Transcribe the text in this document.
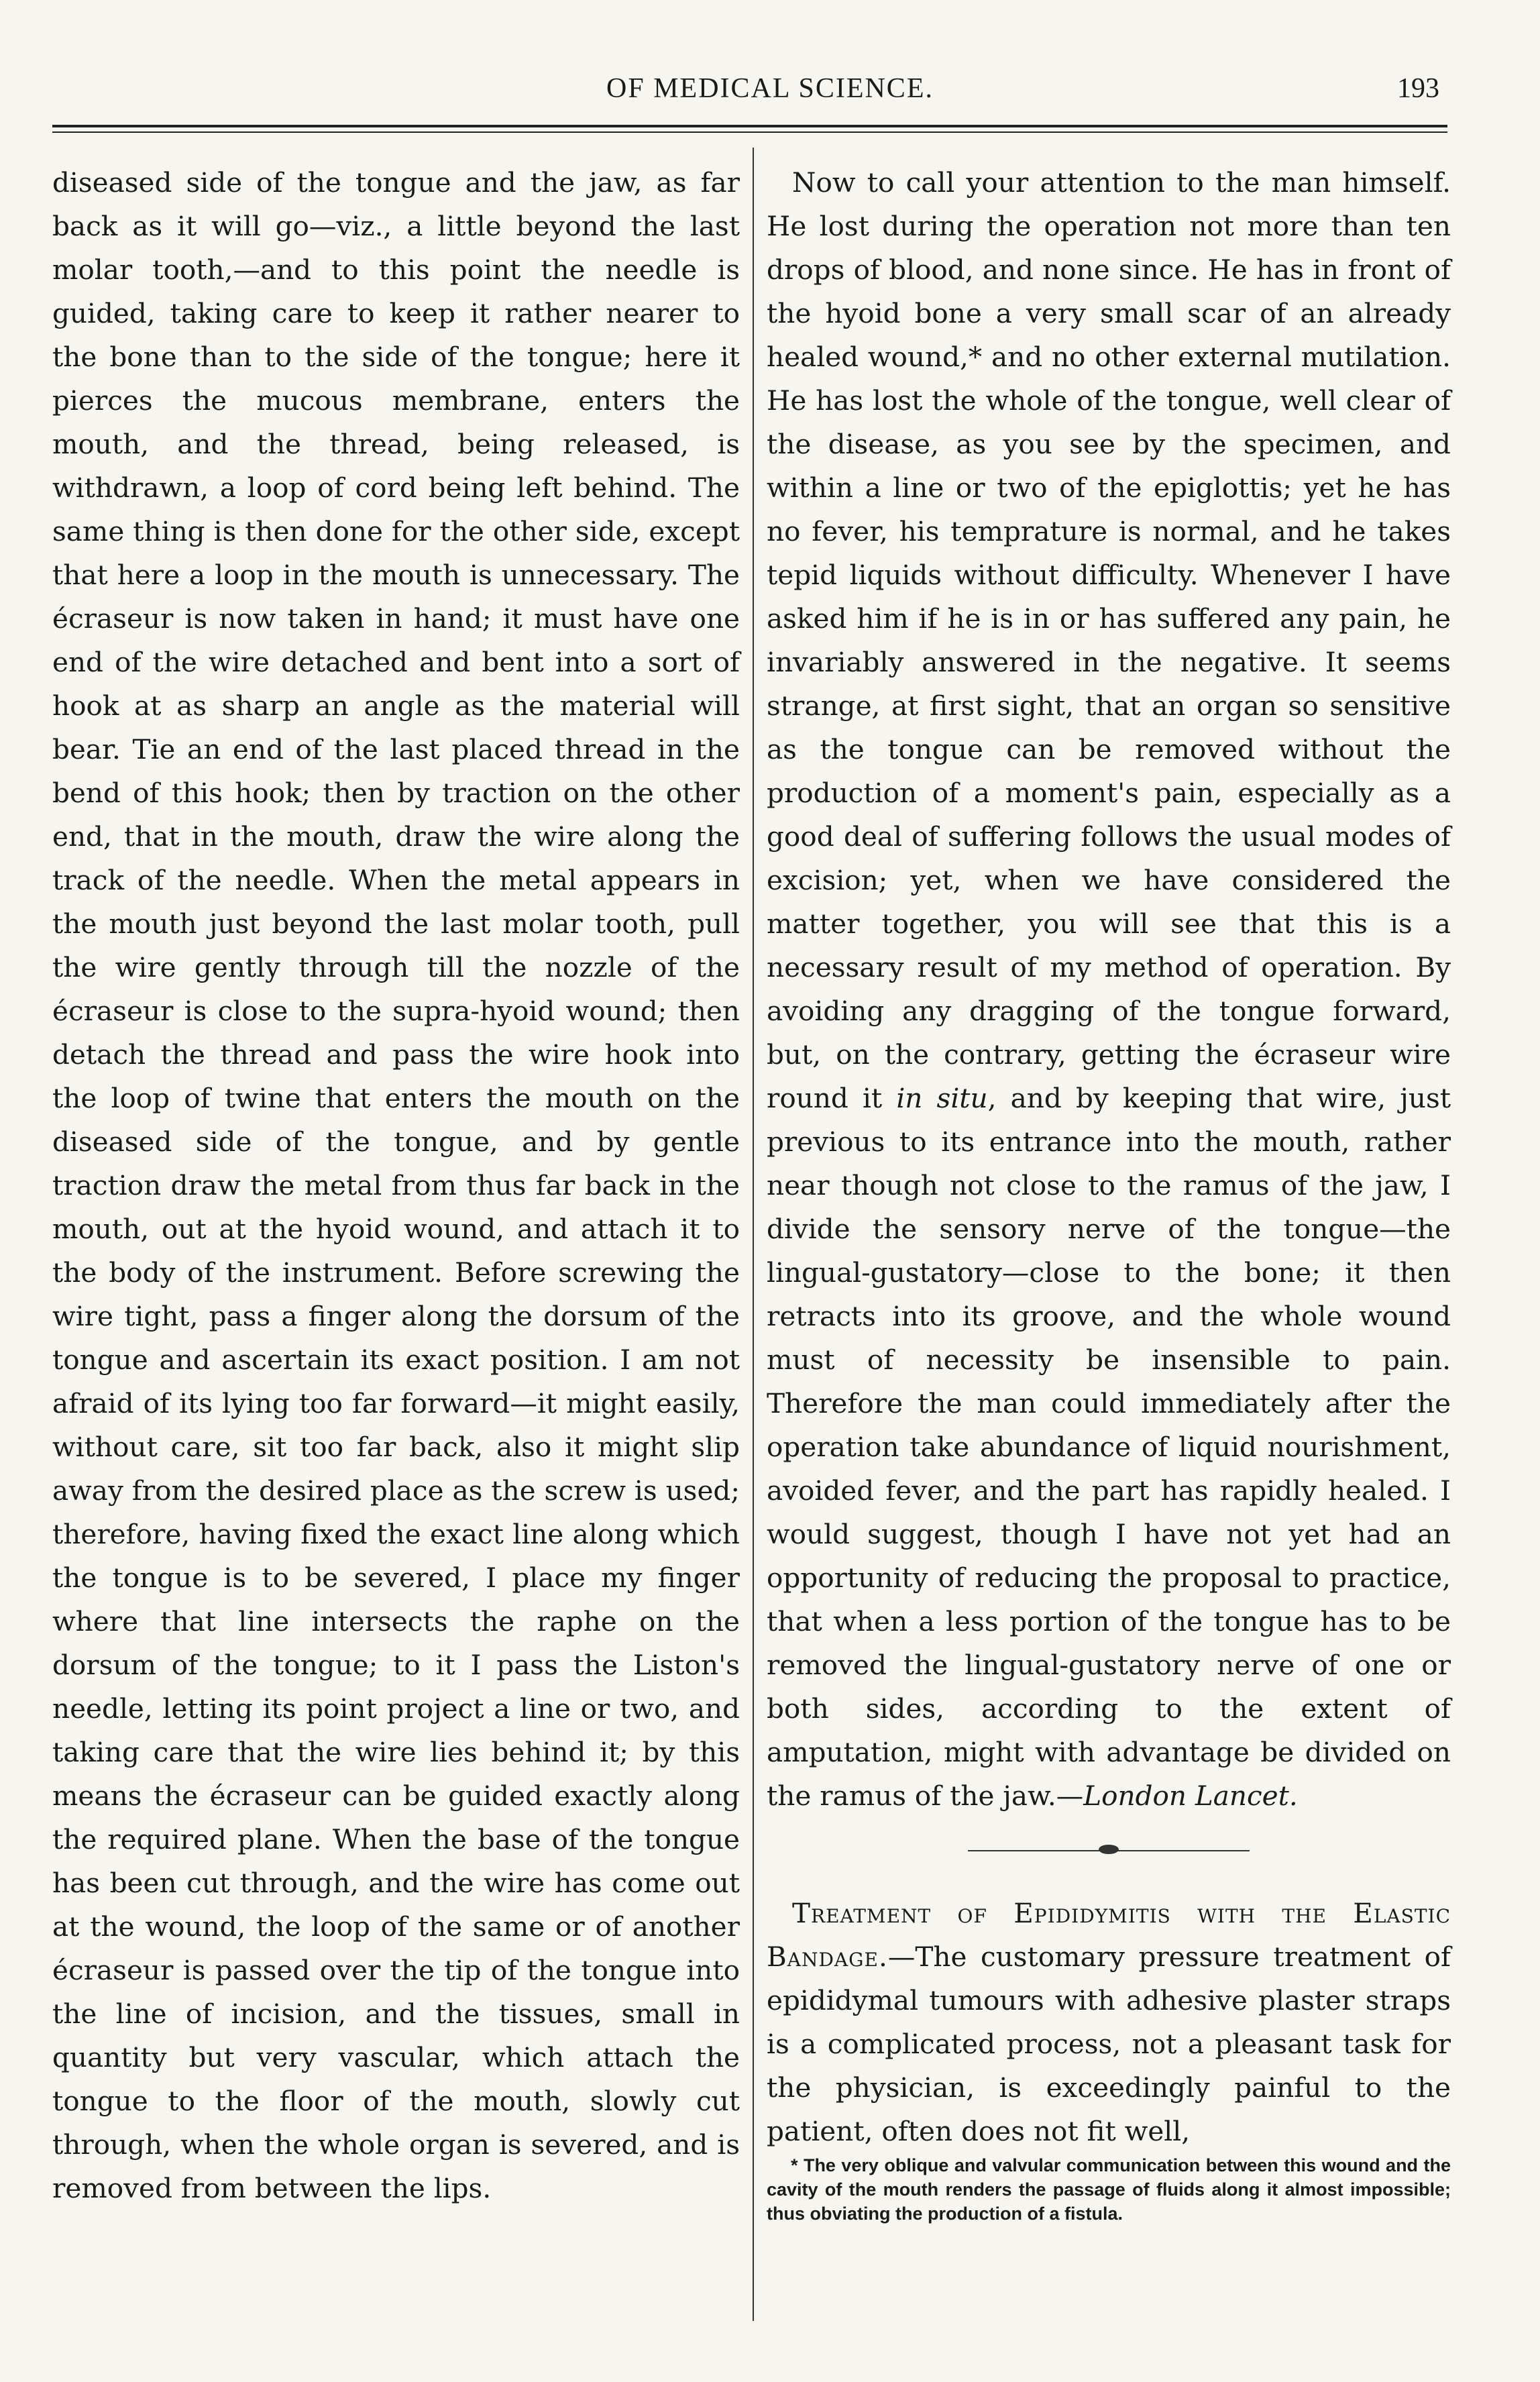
OF MEDICAL SCIENCE.	193

diseased side of the tongue and the jaw, as far back as it will go—viz., a little beyond the last molar tooth,—and to this point the needle is guided, taking care to keep it rather nearer to the bone than to the side of the tongue; here it pierces the mucous membrane, enters the mouth, and the thread, being released, is withdrawn, a loop of cord being left behind. The same thing is then done for the other side, except that here a loop in the mouth is unnecessary. The écraseur is now taken in hand; it must have one end of the wire detached and bent into a sort of hook at as sharp an angle as the material will bear. Tie an end of the last placed thread in the bend of this hook; then by traction on the other end, that in the mouth, draw the wire along the track of the needle. When the metal appears in the mouth just beyond the last molar tooth, pull the wire gently through till the nozzle of the écraseur is close to the supra-hyoid wound; then detach the thread and pass the wire hook into the loop of twine that enters the mouth on the diseased side of the tongue, and by gentle traction draw the metal from thus far back in the mouth, out at the hyoid wound, and attach it to the body of the instrument. Before screwing the wire tight, pass a finger along the dorsum of the tongue and ascertain its exact position. I am not afraid of its lying too far forward—it might easily, without care, sit too far back, also it might slip away from the desired place as the screw is used; therefore, having fixed the exact line along which the tongue is to be severed, I place my finger where that line intersects the raphe on the dorsum of the tongue; to it I pass the Liston's needle, letting its point project a line or two, and taking care that the wire lies behind it; by this means the écraseur can be guided exactly along the required plane. When the base of the tongue has been cut through, and the wire has come out at the wound, the loop of the same or of another écraseur is passed over the tip of the tongue into the line of incision, and the tissues, small in quantity but very vascular, which attach the tongue to the floor of the mouth, slowly cut through, when the whole organ is severed, and is removed from between the lips.

Now to call your attention to the man himself. He lost during the operation not more than ten drops of blood, and none since. He has in front of the hyoid bone a very small scar of an already healed wound,* and no other external mutilation. He has lost the whole of the tongue, well clear of the disease, as you see by the specimen, and within a line or two of the epiglottis; yet he has no fever, his temprature is normal, and he takes tepid liquids without difficulty. Whenever I have asked him if he is in or has suffered any pain, he invariably answered in the negative. It seems strange, at first sight, that an organ so sensitive as the tongue can be removed without the production of a moment's pain, especially as a good deal of suffering follows the usual modes of excision; yet, when we have considered the matter together, you will see that this is a necessary result of my method of operation. By avoiding any dragging of the tongue forward, but, on the contrary, getting the écraseur wire round it in situ, and by keeping that wire, just previous to its entrance into the mouth, rather near though not close to the ramus of the jaw, I divide the sensory nerve of the tongue—the lingual-gustatory—close to the bone; it then retracts into its groove, and the whole wound must of necessity be insensible to pain. Therefore the man could immediately after the operation take abundance of liquid nourishment, avoided fever, and the part has rapidly healed. I would suggest, though I have not yet had an opportunity of reducing the proposal to practice, that when a less portion of the tongue has to be removed the lingual-gustatory nerve of one or both sides, according to the extent of amputation, might with advantage be divided on the ramus of the jaw.—London Lancet.

Treatment of Epididymitis with the Elastic Bandage.—The customary pressure treatment of epididymal tumours with adhesive plaster straps is a complicated process, not a pleasant task for the physician, is exceedingly painful to the patient, often does not fit well,

* The very oblique and valvular communication between this wound and the cavity of the mouth renders the passage of fluids along it almost impossible; thus obviating the production of a fistula.
